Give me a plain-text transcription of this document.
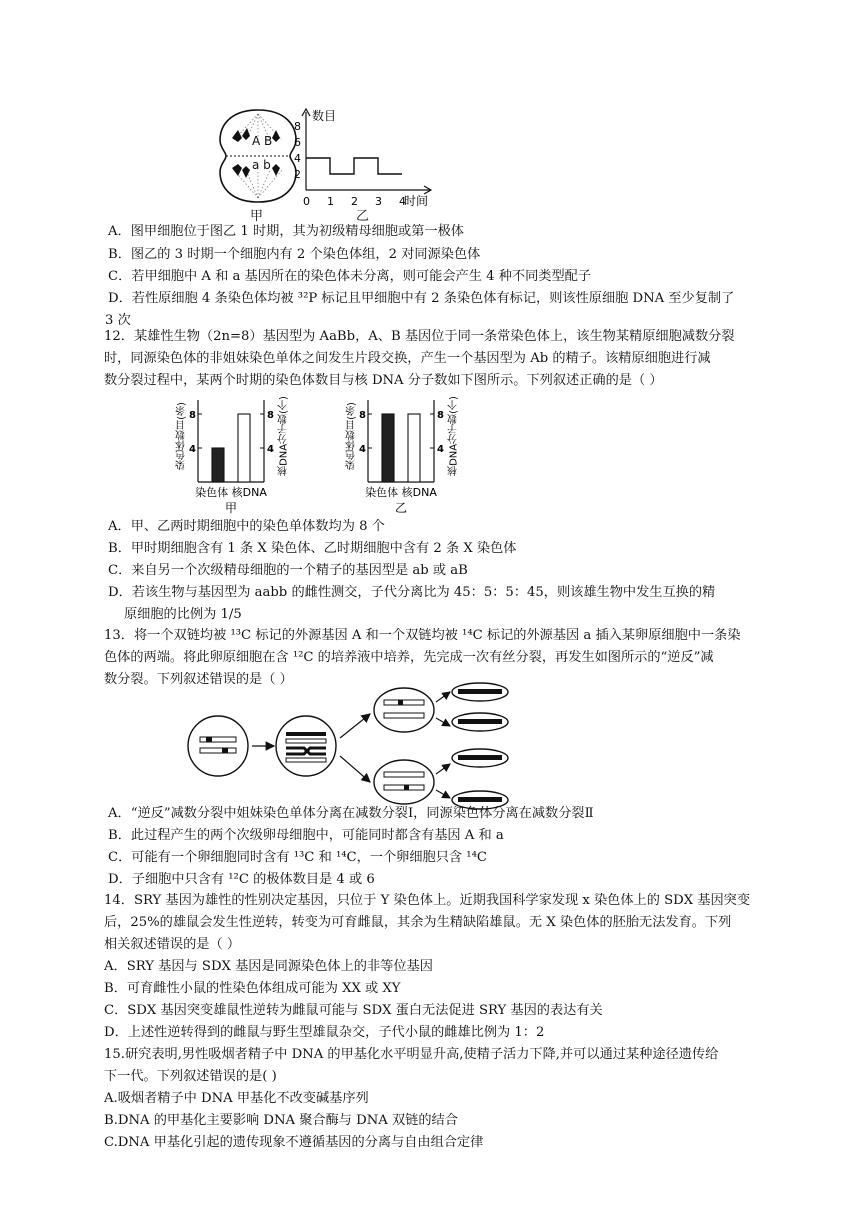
A B
a b
甲
数目
时间
8
6
4
2
0 1 2 3 4
乙
A．图甲细胞位于图乙 1 时期，其为初级精母细胞或第一极体
B．图乙的 3 时期一个细胞内有 2 个染色体组，2 对同源染色体
C．若甲细胞中 A 和 a 基因所在的染色体未分离，则可能会产生 4 种不同类型配子
D．若性原细胞 4 条染色体均被 ³²P 标记且甲细胞中有 2 条染色体有标记，则该性原细胞 DNA 至少复制了
3 次
12．某雄性生物（2n=8）基因型为 AaBb，A、B 基因位于同一条常染色体上，该生物某精原细胞减数分裂
时，同源染色体的非姐妹染色单体之间发生片段交换，产生一个基因型为 Ab 的精子。该精原细胞进行减
数分裂过程中，某两个时期的染色体数目与核 DNA 分子数如下图所示。下列叙述正确的是（ ）
8	8
4	4
染色体数目(条)	核DNA分子数(个)
染色体 核DNA
甲
8	8
4	4
染色体数目(条)	核DNA分子数(个)
染色体 核DNA
乙
A．甲、乙两时期细胞中的染色单体数均为 8 个
B．甲时期细胞含有 1 条 X 染色体、乙时期细胞中含有 2 条 X 染色体
C．来自另一个次级精母细胞的一个精子的基因型是 ab 或 aB
D．若该生物与基因型为 aabb 的雌性测交，子代分离比为 45：5：5：45，则该雄生物中发生互换的精
原细胞的比例为 1/5
13．将一个双链均被 ¹³C 标记的外源基因 A 和一个双链均被 ¹⁴C 标记的外源基因 a 插入某卵原细胞中一条染
色体的两端。将此卵原细胞在含 ¹²C 的培养液中培养，先完成一次有丝分裂，再发生如图所示的“逆反”减
数分裂。下列叙述错误的是（ ）
A．“逆反”减数分裂中姐妹染色单体分离在减数分裂Ⅰ，同源染色体分离在减数分裂Ⅱ
B．此过程产生的两个次级卵母细胞中，可能同时都含有基因 A 和 a
C．可能有一个卵细胞同时含有 ¹³C 和 ¹⁴C，一个卵细胞只含 ¹⁴C
D．子细胞中只含有 ¹²C 的极体数目是 4 或 6
14．SRY 基因为雄性的性别决定基因，只位于 Y 染色体上。近期我国科学家发现 x 染色体上的 SDX 基因突变
后，25%的雄鼠会发生性逆转，转变为可育雌鼠，其余为生精缺陷雄鼠。无 X 染色体的胚胎无法发育。下列
相关叙述错误的是（ ）
A．SRY 基因与 SDX 基因是同源染色体上的非等位基因
B．可育雌性小鼠的性染色体组成可能为 XX 或 XY
C．SDX 基因突变雄鼠性逆转为雌鼠可能与 SDX 蛋白无法促进 SRY 基因的表达有关
D．上述性逆转得到的雌鼠与野生型雄鼠杂交，子代小鼠的雌雄比例为 1：2
15.研究表明,男性吸烟者精子中 DNA 的甲基化水平明显升高,使精子活力下降,并可以通过某种途径遗传给
下一代。下列叙述错误的是( )
A.吸烟者精子中 DNA 甲基化不改变碱基序列
B.DNA 的甲基化主要影响 DNA 聚合酶与 DNA 双链的结合
C.DNA 甲基化引起的遗传现象不遵循基因的分离与自由组合定律
